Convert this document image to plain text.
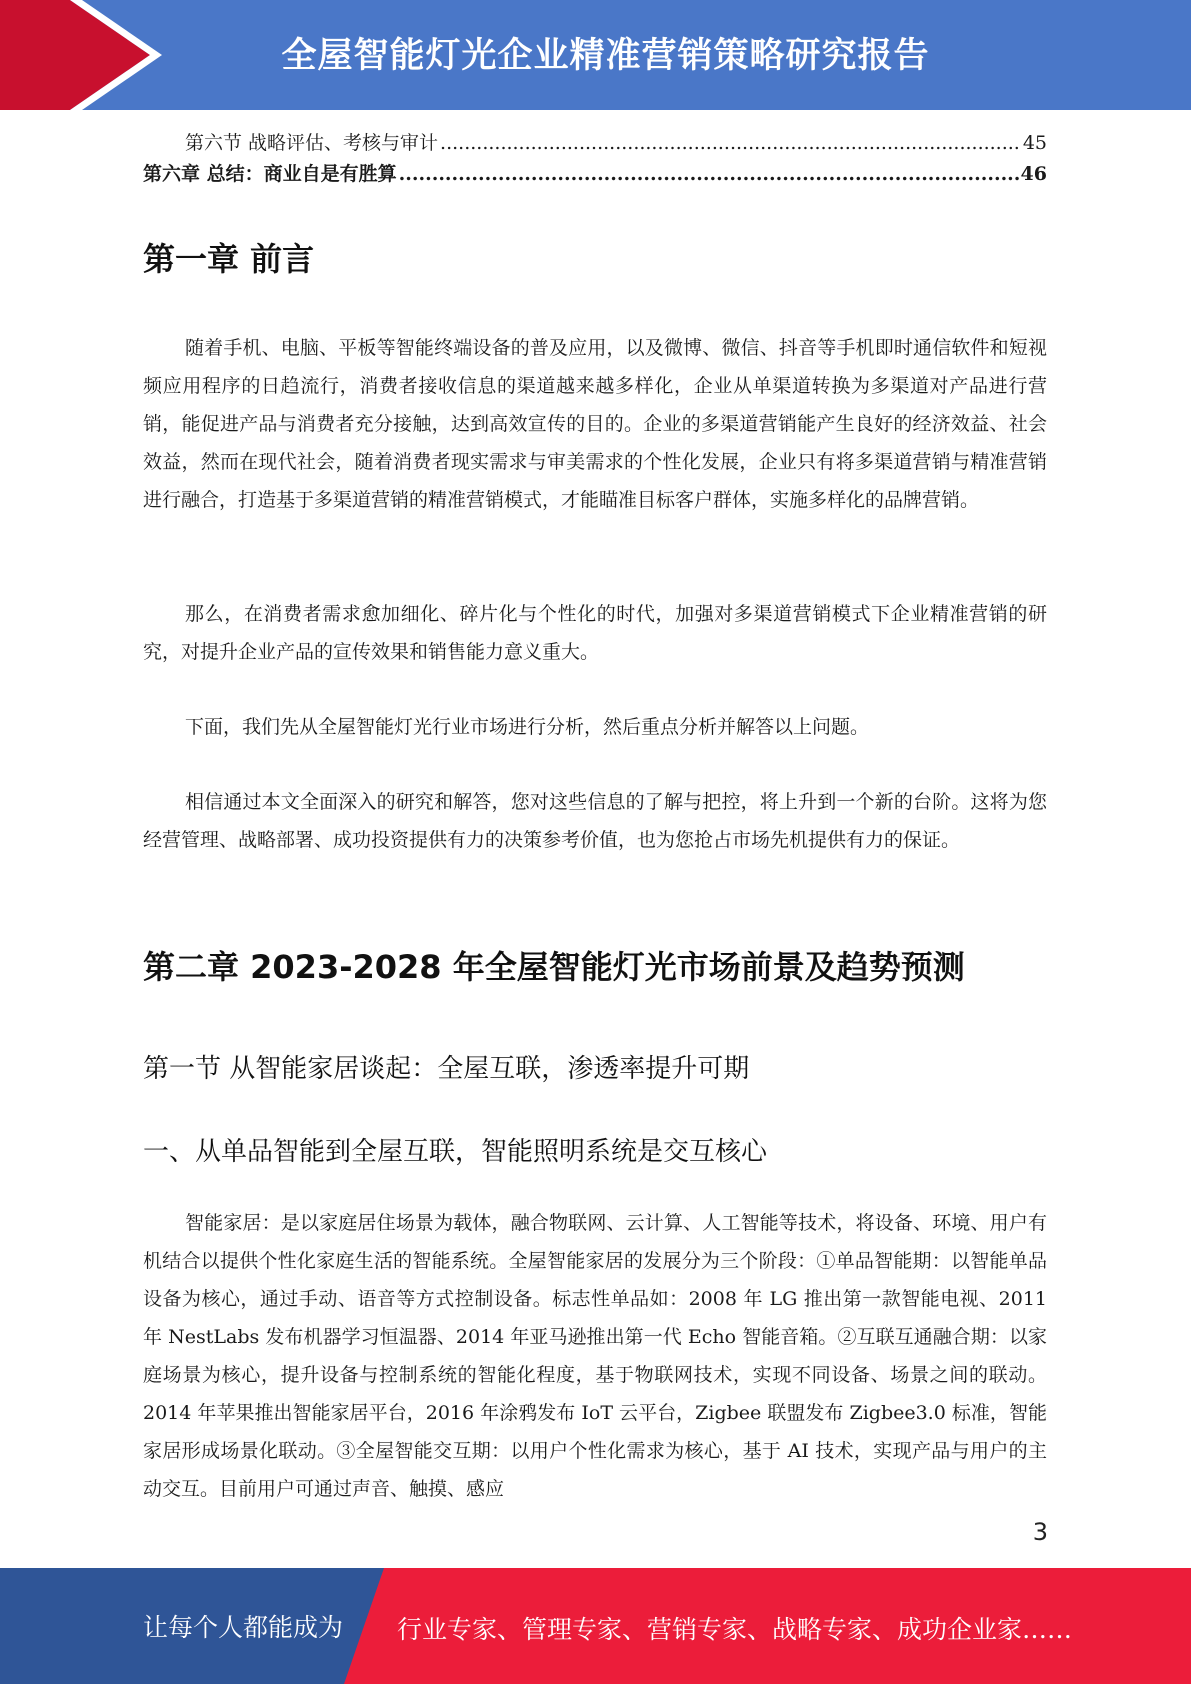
全屋智能灯光企业精准营销策略研究报告
第六节 战略评估、考核与审计 .....	45
第六章 总结：商业自是有胜算 .....	46
第一章 前言

随着手机、电脑、平板等智能终端设备的普及应用，以及微博、微信、抖音等手机即时通信软件和短视频应用程序的日趋流行，消费者接收信息的渠道越来越多样化，企业从单渠道转换为多渠道对产品进行营销，能促进产品与消费者充分接触，达到高效宣传的目的。企业的多渠道营销能产生良好的经济效益、社会效益，然而在现代社会，随着消费者现实需求与审美需求的个性化发展，企业只有将多渠道营销与精准营销进行融合，打造基于多渠道营销的精准营销模式，才能瞄准目标客户群体，实施多样化的品牌营销。

那么，在消费者需求愈加细化、碎片化与个性化的时代，加强对多渠道营销模式下企业精准营销的研究，对提升企业产品的宣传效果和销售能力意义重大。

下面，我们先从全屋智能灯光行业市场进行分析，然后重点分析并解答以上问题。

相信通过本文全面深入的研究和解答，您对这些信息的了解与把控，将上升到一个新的台阶。这将为您经营管理、战略部署、成功投资提供有力的决策参考价值，也为您抢占市场先机提供有力的保证。

第二章 2023-2028 年全屋智能灯光市场前景及趋势预测
第一节 从智能家居谈起：全屋互联，渗透率提升可期
一、从单品智能到全屋互联，智能照明系统是交互核心

智能家居：是以家庭居住场景为载体，融合物联网、云计算、人工智能等技术，将设备、环境、用户有机结合以提供个性化家庭生活的智能系统。全屋智能家居的发展分为三个阶段：①单品智能期：以智能单品设备为核心，通过手动、语音等方式控制设备。标志性单品如：2008 年 LG 推出第一款智能电视、2011 年 NestLabs 发布机器学习恒温器、2014 年亚马逊推出第一代 Echo 智能音箱。②互联互通融合期：以家庭场景为核心，提升设备与控制系统的智能化程度，基于物联网技术，实现不同设备、场景之间的联动。2014 年苹果推出智能家居平台，2016 年涂鸦发布 IoT 云平台，Zigbee 联盟发布 Zigbee3.0 标准，智能家居形成场景化联动。③全屋智能交互期：以用户个性化需求为核心，基于 AI 技术，实现产品与用户的主动交互。目前用户可通过声音、触摸、感应

3
让每个人都能成为 行业专家、管理专家、营销专家、战略专家、成功企业家……
